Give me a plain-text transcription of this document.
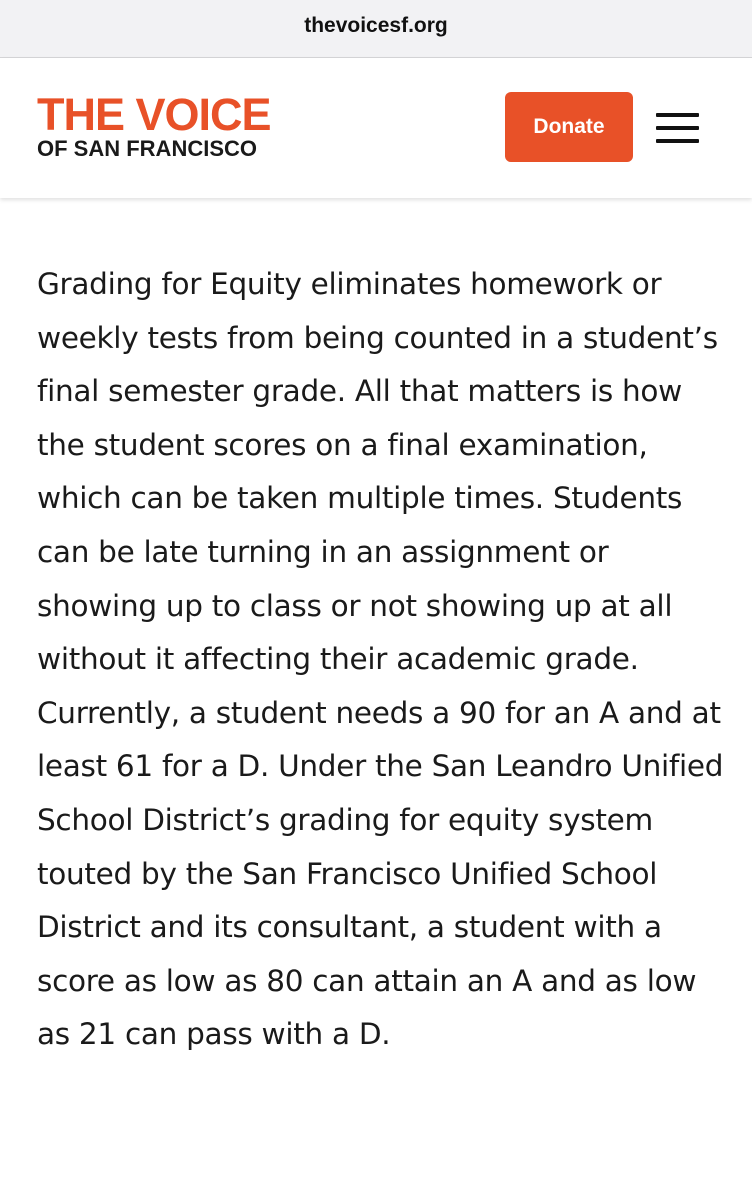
thevoicesf.org
THE VOICE
OF SAN FRANCISCO
Donate

Grading for Equity eliminates homework or weekly tests from being counted in a student’s final semester grade. All that matters is how the student scores on a final examination, which can be taken multiple times. Students can be late turning in an assignment or showing up to class or not showing up at all without it affecting their academic grade. Currently, a student needs a 90 for an A and at least 61 for a D. Under the San Leandro Unified School District’s grading for equity system touted by the San Francisco Unified School District and its consultant, a student with a score as low as 80 can attain an A and as low as 21 can pass with a D.
